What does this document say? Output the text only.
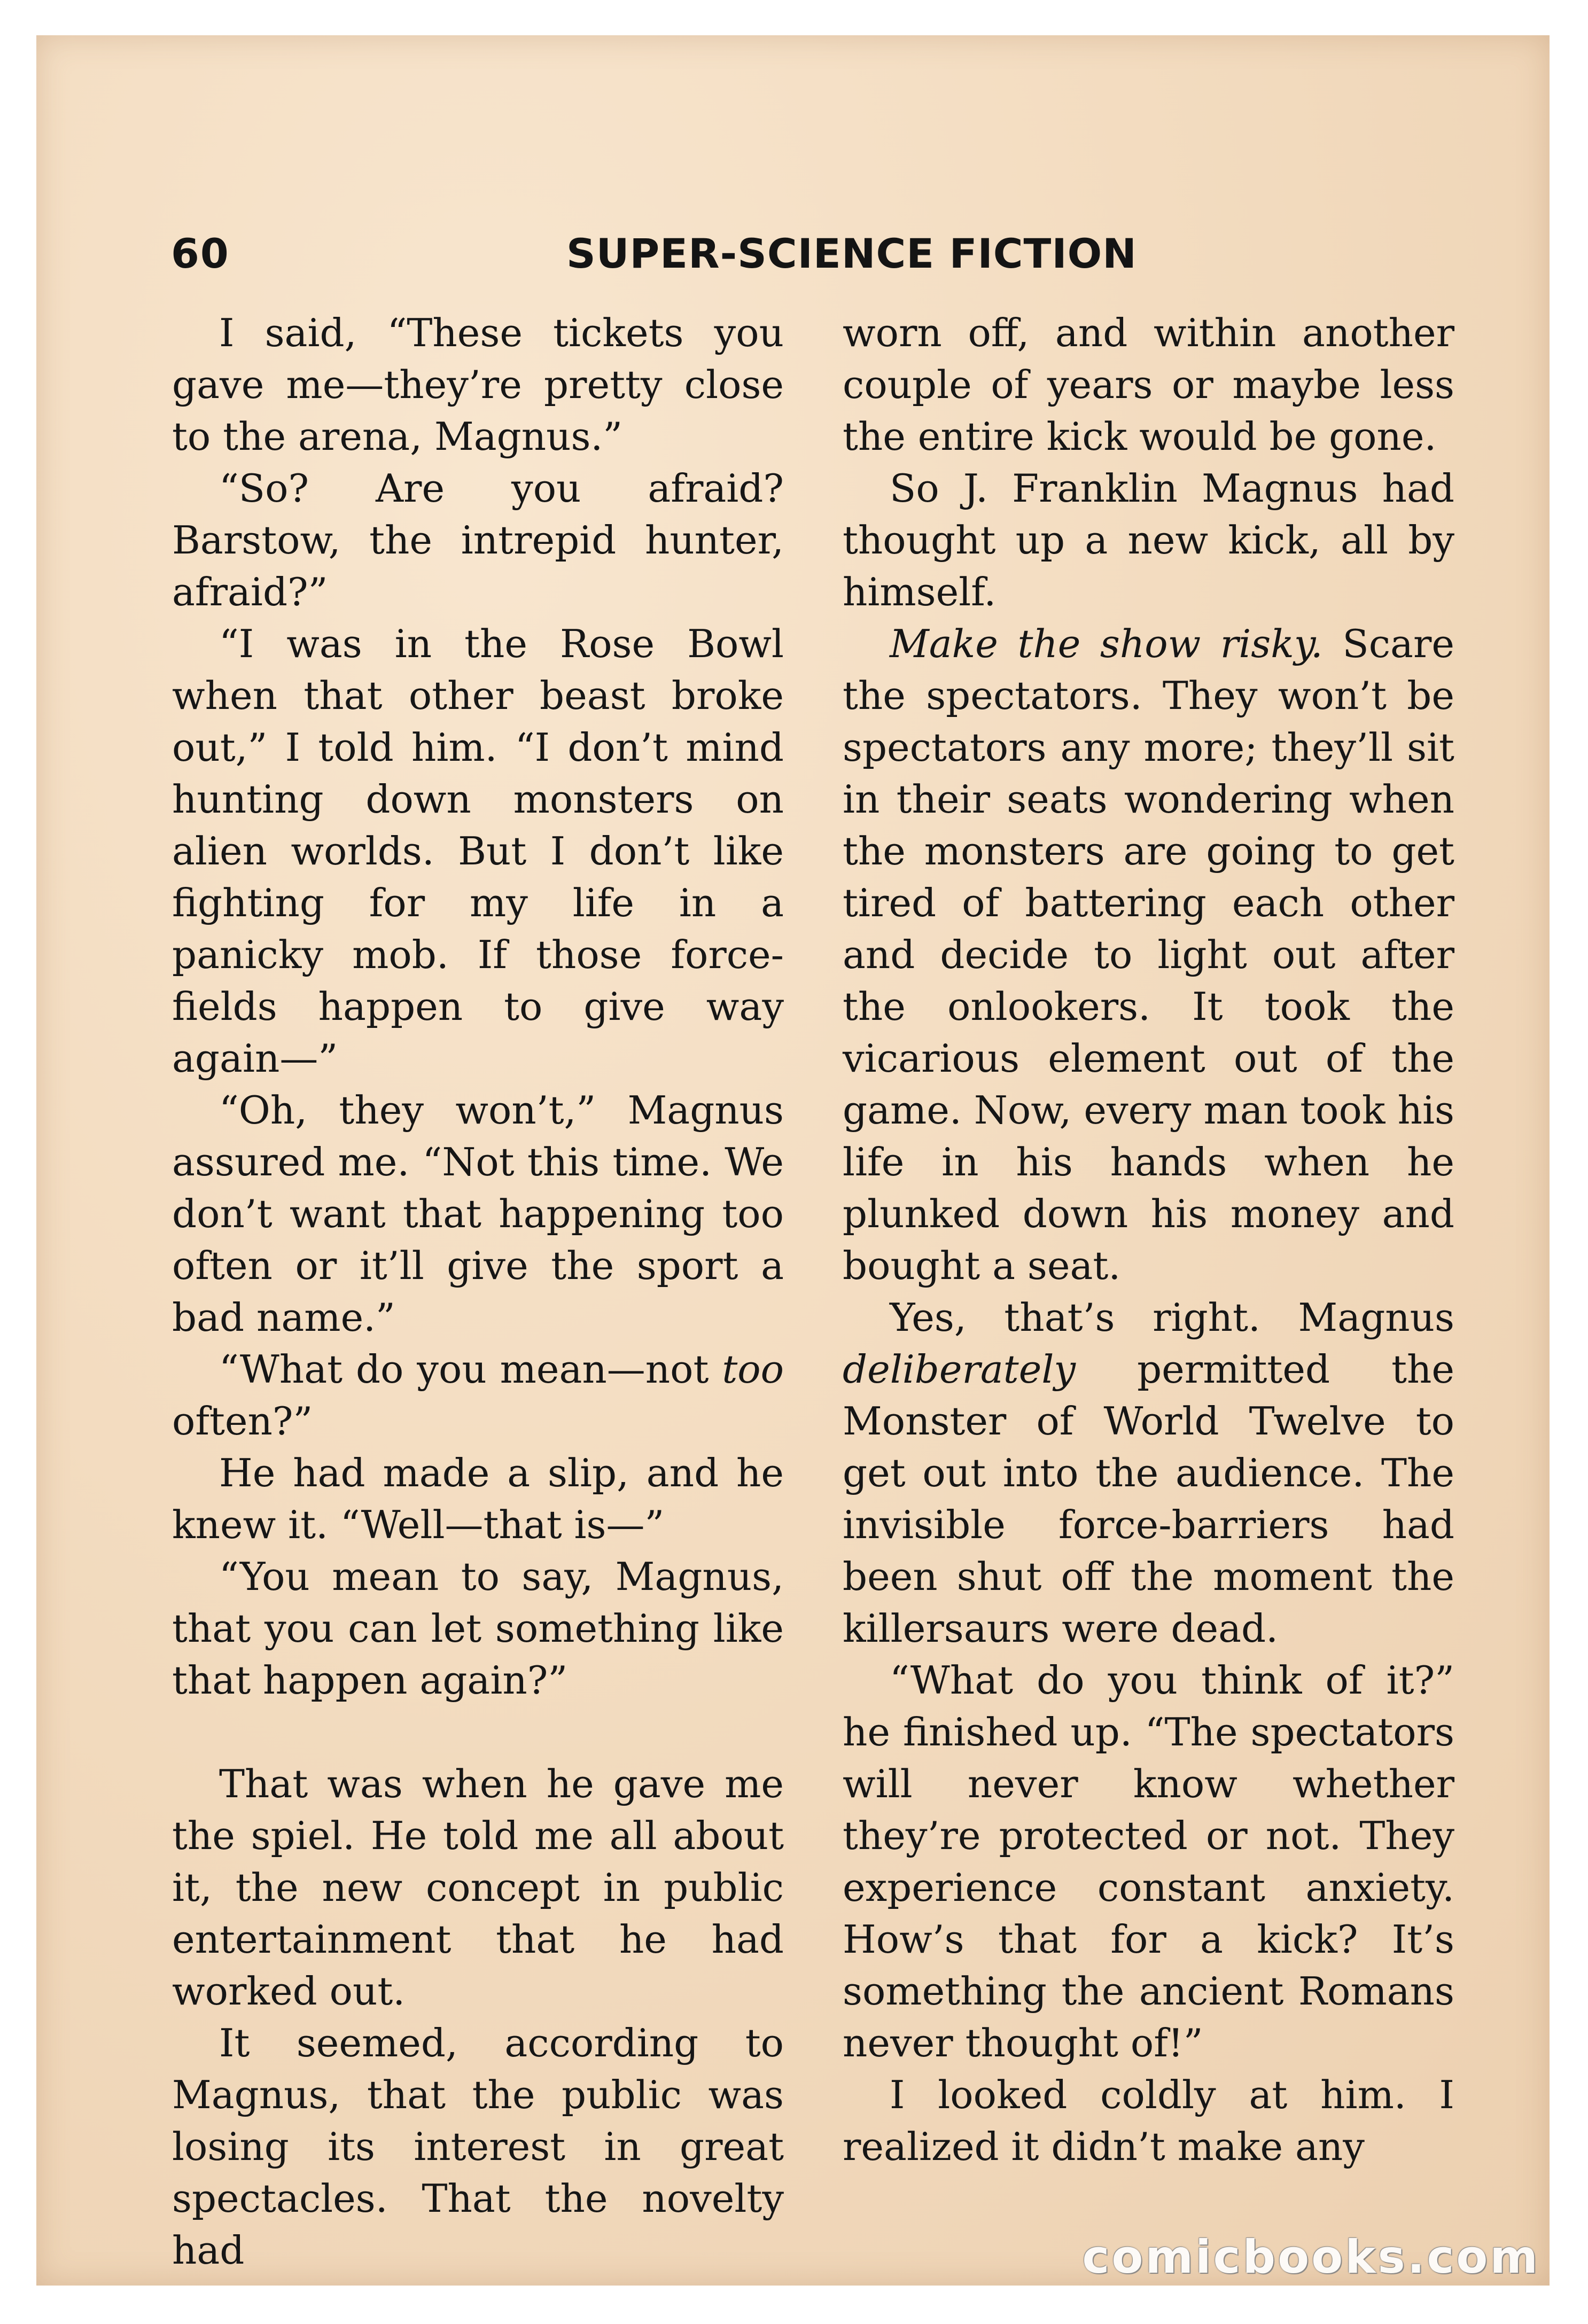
60	SUPER-SCIENCE FICTION

I said, “These tickets you gave me—they’re pretty close to the arena, Magnus.”

“So? Are you afraid? Barstow, the intrepid hunter, afraid?”

“I was in the Rose Bowl when that other beast broke out,” I told him. “I don’t mind hunting down monsters on alien worlds. But I don’t like fighting for my life in a panicky mob. If those force-fields happen to give way again—”

“Oh, they won’t,” Magnus assured me. “Not this time. We don’t want that happening too often or it’ll give the sport a bad name.”

“What do you mean—not too often?”

He had made a slip, and he knew it. “Well—that is—”

“You mean to say, Magnus, that you can let something like that happen again?”

That was when he gave me the spiel. He told me all about it, the new concept in public entertainment that he had worked out.

It seemed, according to Magnus, that the public was losing its interest in great spectacles. That the novelty had

worn off, and within another couple of years or maybe less the entire kick would be gone.

So J. Franklin Magnus had thought up a new kick, all by himself.

Make the show risky. Scare the spectators. They won’t be spectators any more; they’ll sit in their seats wondering when the monsters are going to get tired of battering each other and decide to light out after the onlookers. It took the vicarious element out of the game. Now, every man took his life in his hands when he plunked down his money and bought a seat.

Yes, that’s right. Magnus deliberately permitted the Monster of World Twelve to get out into the audience. The invisible force-barriers had been shut off the moment the killersaurs were dead.

“What do you think of it?” he finished up. “The spectators will never know whether they’re protected or not. They experience constant anxiety. How’s that for a kick? It’s something the ancient Romans never thought of!”

I looked coldly at him. I realized it didn’t make any

comicbooks.com
